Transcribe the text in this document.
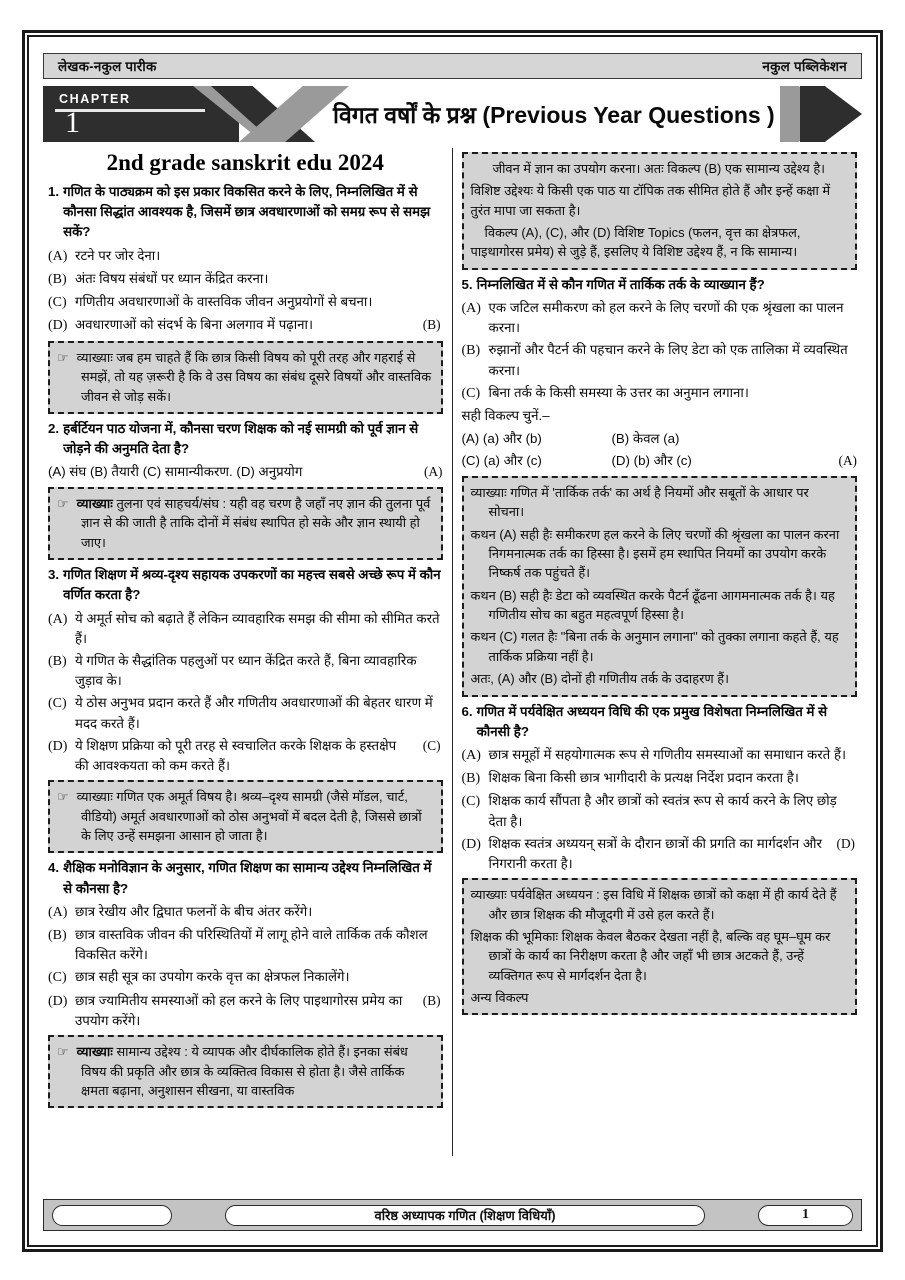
लेखक-नकुल पारीक	नकुल पब्लिकेशन
CHAPTER
1	विगत वर्षों के प्रश्न (Previous Year Questions )
2nd grade sanskrit edu 2024
1. गणित के पाठ्यक्रम को इस प्रकार विकसित करने के लिए, निम्नलिखित में से कौनसा सिद्धांत आवश्यक है, जिसमें छात्र अवधारणाओं को समग्र रूप से समझ सकें?
(A) रटने पर जोर देना।
(B) अंतः विषय संबंधों पर ध्यान केंद्रित करना।
(C) गणितीय अवधारणाओं के वास्तविक जीवन अनुप्रयोगों से बचना।
(D)	(B)
अवधारणाओं को संदर्भ के बिना अलगाव में पढ़ाना।

☞ व्याख्याः जब हम चाहते हैं कि छात्र किसी विषय को पूरी तरह और गहराई से समझें, तो यह ज़रूरी है कि वे उस विषय का संबंध दूसरे विषयों और वास्तविक जीवन से जोड़ सकें।

2. हर्बर्टियन पाठ योजना में, कौनसा चरण शिक्षक को नई सामग्री को पूर्व ज्ञान से जोड़ने की अनुमति देता है?
(A) संघ (B) तैयारी (C) सामान्यीकरण. (D) अनुप्रयोग	(A)

☞ व्याख्याः तुलना एवं साहचर्य/संघ : यही वह चरण है जहाँ नए ज्ञान की तुलना पूर्व ज्ञान से की जाती है ताकि दोनों में संबंध स्थापित हो सके और ज्ञान स्थायी हो जाए।

3. गणित शिक्षण में श्रव्य-दृश्य सहायक उपकरणों का महत्त्व सबसे अच्छे रूप में कौन वर्णित करता है?
(A) ये अमूर्त सोच को बढ़ाते हैं लेकिन व्यावहारिक समझ की सीमा को सीमित करते हैं।
(B) ये गणित के सैद्धांतिक पहलुओं पर ध्यान केंद्रित करते हैं, बिना व्यावहारिक जुड़ाव के।
(C) ये ठोस अनुभव प्रदान करते हैं और गणितीय अवधारणाओं की बेहतर धारण में मदद करते हैं।
(D)	(C)
ये शिक्षण प्रक्रिया को पूरी तरह से स्वचालित करके शिक्षक के हस्तक्षेप की आवश्कयता को कम करते हैं।

☞ व्याख्याः गणित एक अमूर्त विषय है। श्रव्य–दृश्य सामग्री (जैसे मॉडल, चार्ट, वीडियो) अमूर्त अवधारणाओं को ठोस अनुभवों में बदल देती है, जिससे छात्रों के लिए उन्हें समझना आसान हो जाता है।

4. शैक्षिक मनोविज्ञान के अनुसार, गणित शिक्षण का सामान्य उद्देश्य निम्नलिखित में से कौनसा है?
(A) छात्र रेखीय और द्विघात फलनों के बीच अंतर करेंगे।
(B) छात्र वास्तविक जीवन की परिस्थितियों में लागू होने वाले तार्किक तर्क कौशल विकसित करेंगे।
(C) छात्र सही सूत्र का उपयोग करके वृत्त का क्षेत्रफल निकालेंगे।
(D)	(B)
छात्र ज्यामितीय समस्याओं को हल करने के लिए पाइथागोरस प्रमेय का उपयोग करेंगे।

☞ व्याख्याः सामान्य उद्देश्य : ये व्यापक और दीर्घकालिक होते हैं। इनका संबंध विषय की प्रकृति और छात्र के व्यक्तित्व विकास से होता है। जैसे तार्किक क्षमता बढ़ाना, अनुशासन सीखना, या वास्तविक

जीवन में ज्ञान का उपयोग करना। अतः विकल्प (B) एक सामान्य उद्देश्य है।

विशिष्ट उद्देश्यः ये किसी एक पाठ या टॉपिक तक सीमित होते हैं और इन्हें कक्षा में तुरंत मापा जा सकता है।

विकल्प (A), (C), और (D) विशिष्ट Topics (फलन, वृत्त का क्षेत्रफल, पाइथागोरस प्रमेय) से जुड़े हैं, इसलिए ये विशिष्ट उद्देश्य हैं, न कि सामान्य।

5. निम्नलिखित में से कौन गणित में तार्किक तर्क के व्याख्यान हैं?
(A) एक जटिल समीकरण को हल करने के लिए चरणों की एक श्रृंखला का पालन करना।
(B) रुझानों और पैटर्न की पहचान करने के लिए डेटा को एक तालिका में व्यवस्थित करना।
(C) बिना तर्क के किसी समस्या के उत्तर का अनुमान लगाना।
सही विकल्प चुनें.–
(A) (a) और (b)	(B) केवल (a)
(C) (a) और (c)	(D) (b) और (c)	(A)

व्याख्याः गणित में 'तार्किक तर्क' का अर्थ है नियमों और सबूतों के आधार पर सोचना।

कथन (A) सही हैः समीकरण हल करने के लिए चरणों की श्रृंखला का पालन करना निगमनात्मक तर्क का हिस्सा है। इसमें हम स्थापित नियमों का उपयोग करके निष्कर्ष तक पहुंचते हैं।

कथन (B) सही हैः डेटा को व्यवस्थित करके पैटर्न ढूँढना आगमनात्मक तर्क है। यह गणितीय सोच का बहुत महत्वपूर्ण हिस्सा है।

कथन (C) गलत हैः "बिना तर्क के अनुमान लगाना" को तुक्का लगाना कहते हैं, यह तार्किक प्रक्रिया नहीं है।

अतः, (A) और (B) दोनों ही गणितीय तर्क के उदाहरण हैं।

6. गणित में पर्यवेक्षित अध्ययन विधि की एक प्रमुख विशेषता निम्नलिखित में से कौनसी है?
(A) छात्र समूहों में सहयोगात्मक रूप से गणितीय समस्याओं का समाधान करते हैं।
(B) शिक्षक बिना किसी छात्र भागीदारी के प्रत्यक्ष निर्देश प्रदान करता है।
(C) शिक्षक कार्य सौंपता है और छात्रों को स्वतंत्र रूप से कार्य करने के लिए छोड़ देता है।
(D)	(D)
शिक्षक स्वतंत्र अध्ययन् सत्रों के दौरान छात्रों की प्रगति का मार्गदर्शन और निगरानी करता है।

व्याख्याः पर्यवेक्षित अध्ययन : इस विधि में शिक्षक छात्रों को कक्षा में ही कार्य देते हैं और छात्र शिक्षक की मौजूदगी में उसे हल करते हैं।

शिक्षक की भूमिकाः शिक्षक केवल बैठकर देखता नहीं है, बल्कि वह घूम–घूम कर छात्रों के कार्य का निरीक्षण करता है और जहाँ भी छात्र अटकते हैं, उन्हें व्यक्तिगत रूप से मार्गदर्शन देता है।

अन्य विकल्प

वरिष्ठ अध्यापक गणित (शिक्षण विधियाँ)	1
